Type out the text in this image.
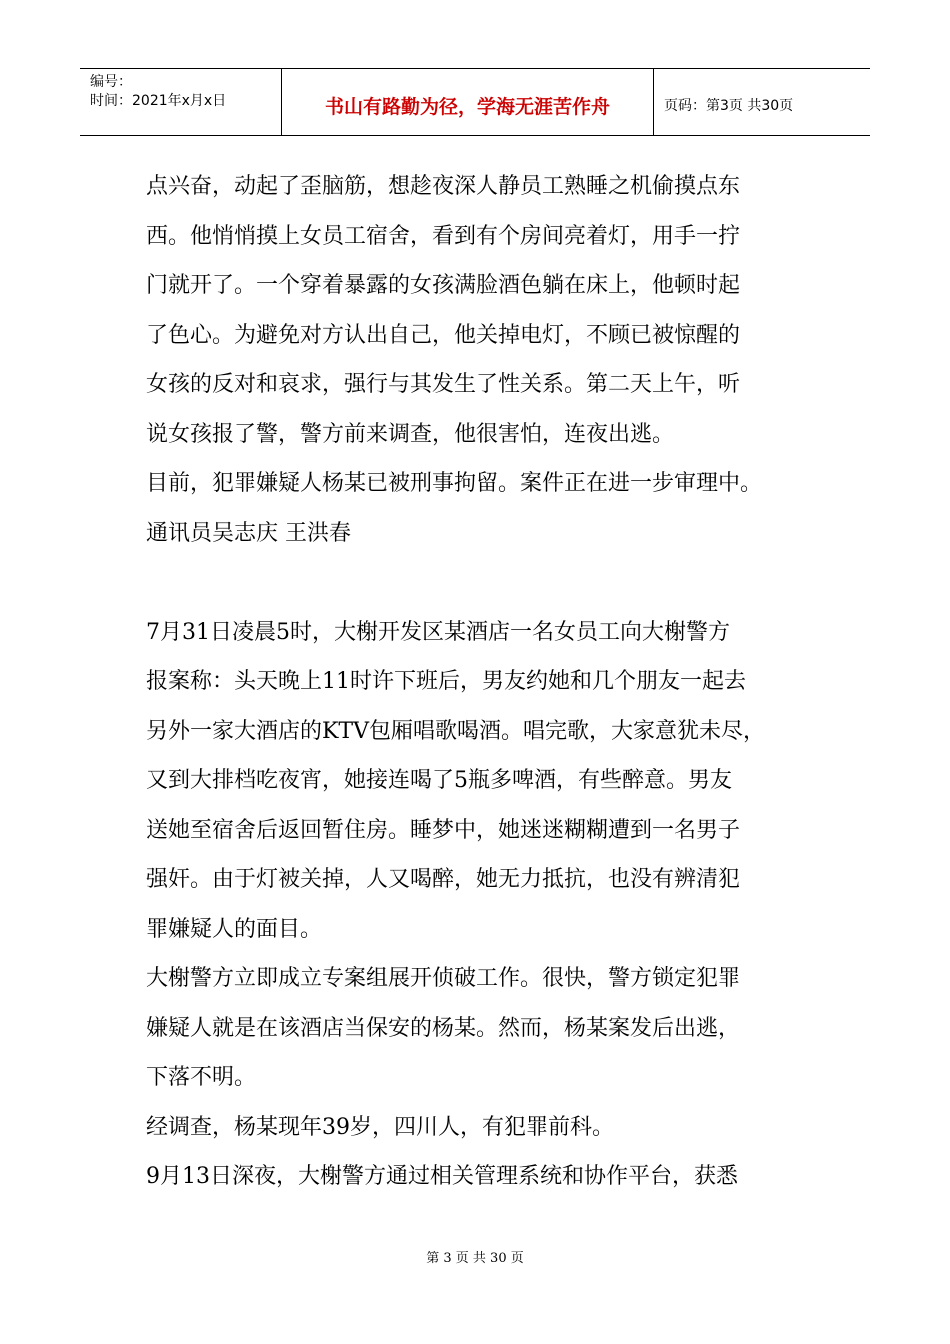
编号：
时间：2021年x月x日	书山有路勤为径，学海无涯苦作舟	页码：第3页 共30页
点兴奋，动起了歪脑筋，想趁夜深人静员工熟睡之机偷摸点东
西。他悄悄摸上女员工宿舍，看到有个房间亮着灯，用手一拧
门就开了。一个穿着暴露的女孩满脸酒色躺在床上，他顿时起
了色心。为避免对方认出自己，他关掉电灯，不顾已被惊醒的
女孩的反对和哀求，强行与其发生了性关系。第二天上午，听
说女孩报了警，警方前来调查，他很害怕，连夜出逃。
目前，犯罪嫌疑人杨某已被刑事拘留。案件正在进一步审理中。
通讯员吴志庆 王洪春
7月31日凌晨5时，大榭开发区某酒店一名女员工向大榭警方
报案称：头天晚上11时许下班后，男友约她和几个朋友一起去
另外一家大酒店的KTV包厢唱歌喝酒。唱完歌，大家意犹未尽，
又到大排档吃夜宵，她接连喝了5瓶多啤酒，有些醉意。男友
送她至宿舍后返回暂住房。睡梦中，她迷迷糊糊遭到一名男子
强奸。由于灯被关掉，人又喝醉，她无力抵抗，也没有辨清犯
罪嫌疑人的面目。
大榭警方立即成立专案组展开侦破工作。很快，警方锁定犯罪
嫌疑人就是在该酒店当保安的杨某。然而，杨某案发后出逃，
下落不明。
经调查，杨某现年39岁，四川人，有犯罪前科。
9月13日深夜，大榭警方通过相关管理系统和协作平台，获悉
第 3 页 共 30 页
